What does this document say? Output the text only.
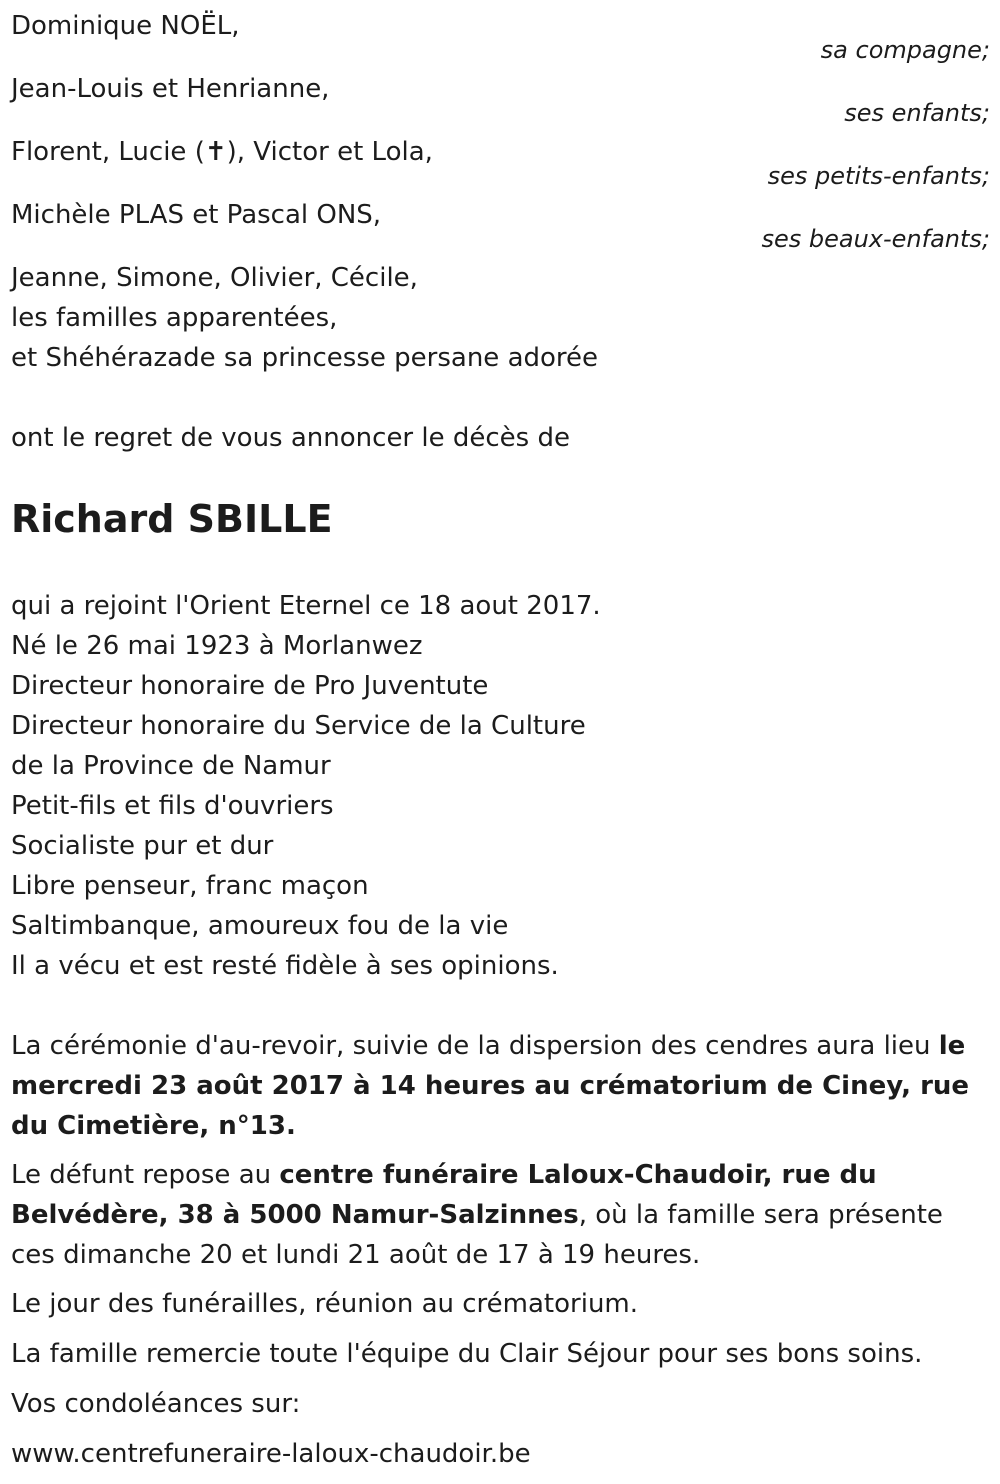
Dominique NOËL,
sa compagne;
Jean-Louis et Henrianne,
ses enfants;
Florent, Lucie (✝), Victor et Lola,
ses petits-enfants;
Michèle PLAS et Pascal ONS,
ses beaux-enfants;
Jeanne, Simone, Olivier, Cécile,
les familles apparentées,
et Shéhérazade sa princesse persane adorée
ont le regret de vous annoncer le décès de
Richard SBILLE
qui a rejoint l'Orient Eternel ce 18 aout 2017.
Né le 26 mai 1923 à Morlanwez
Directeur honoraire de Pro Juventute
Directeur honoraire du Service de la Culture
de la Province de Namur
Petit-fils et fils d'ouvriers
Socialiste pur et dur
Libre penseur, franc maçon
Saltimbanque, amoureux fou de la vie
Il a vécu et est resté fidèle à ses opinions.
La cérémonie d'au-revoir, suivie de la dispersion des cendres aura lieu le mercredi 23 août 2017 à 14 heures au crématorium de Ciney, rue du Cimetière, n°13.
Le défunt repose au centre funéraire Laloux-Chaudoir, rue du Belvédère, 38 à 5000 Namur-Salzinnes, où la famille sera présente ces dimanche 20 et lundi 21 août de 17 à 19 heures.
Le jour des funérailles, réunion au crématorium.
La famille remercie toute l'équipe du Clair Séjour pour ses bons soins.
Vos condoléances sur:
www.centrefuneraire-laloux-chaudoir.be
